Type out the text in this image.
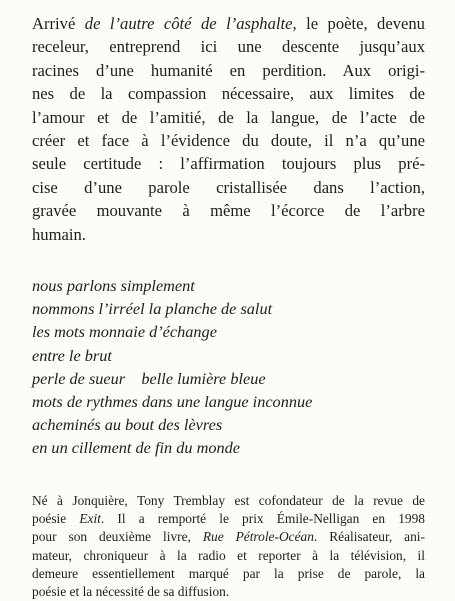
Arrivé de l’autre côté de l’asphalte, le poète, devenu
receleur, entreprend ici une descente jusqu’aux
racines d’une humanité en perdition. Aux origi-
nes de la compassion nécessaire, aux limites de
l’amour et de l’amitié, de la langue, de l’acte de
créer et face à l’évidence du doute, il n’a qu’une
seule certitude : l’affirmation toujours plus pré-
cise d’une parole cristallisée dans l’action,
gravée mouvante à même l’écorce de l’arbre
humain.

nous parlons simplement
nommons l’irréel la planche de salut
les mots monnaie d’échange
entre le brut
perle de sueur    belle lumière bleue
mots de rythmes dans une langue inconnue
acheminés au bout des lèvres
en un cillement de fin du monde

Né à Jonquière, Tony Tremblay est cofondateur de la revue de
poésie Exit. Il a remporté le prix Émile-Nelligan en 1998
pour son deuxième livre, Rue Pétrole-Océan. Réalisateur, ani-
mateur, chroniqueur à la radio et reporter à la télévision, il
demeure essentiellement marqué par la prise de parole, la
poésie et la nécessité de sa diffusion.
